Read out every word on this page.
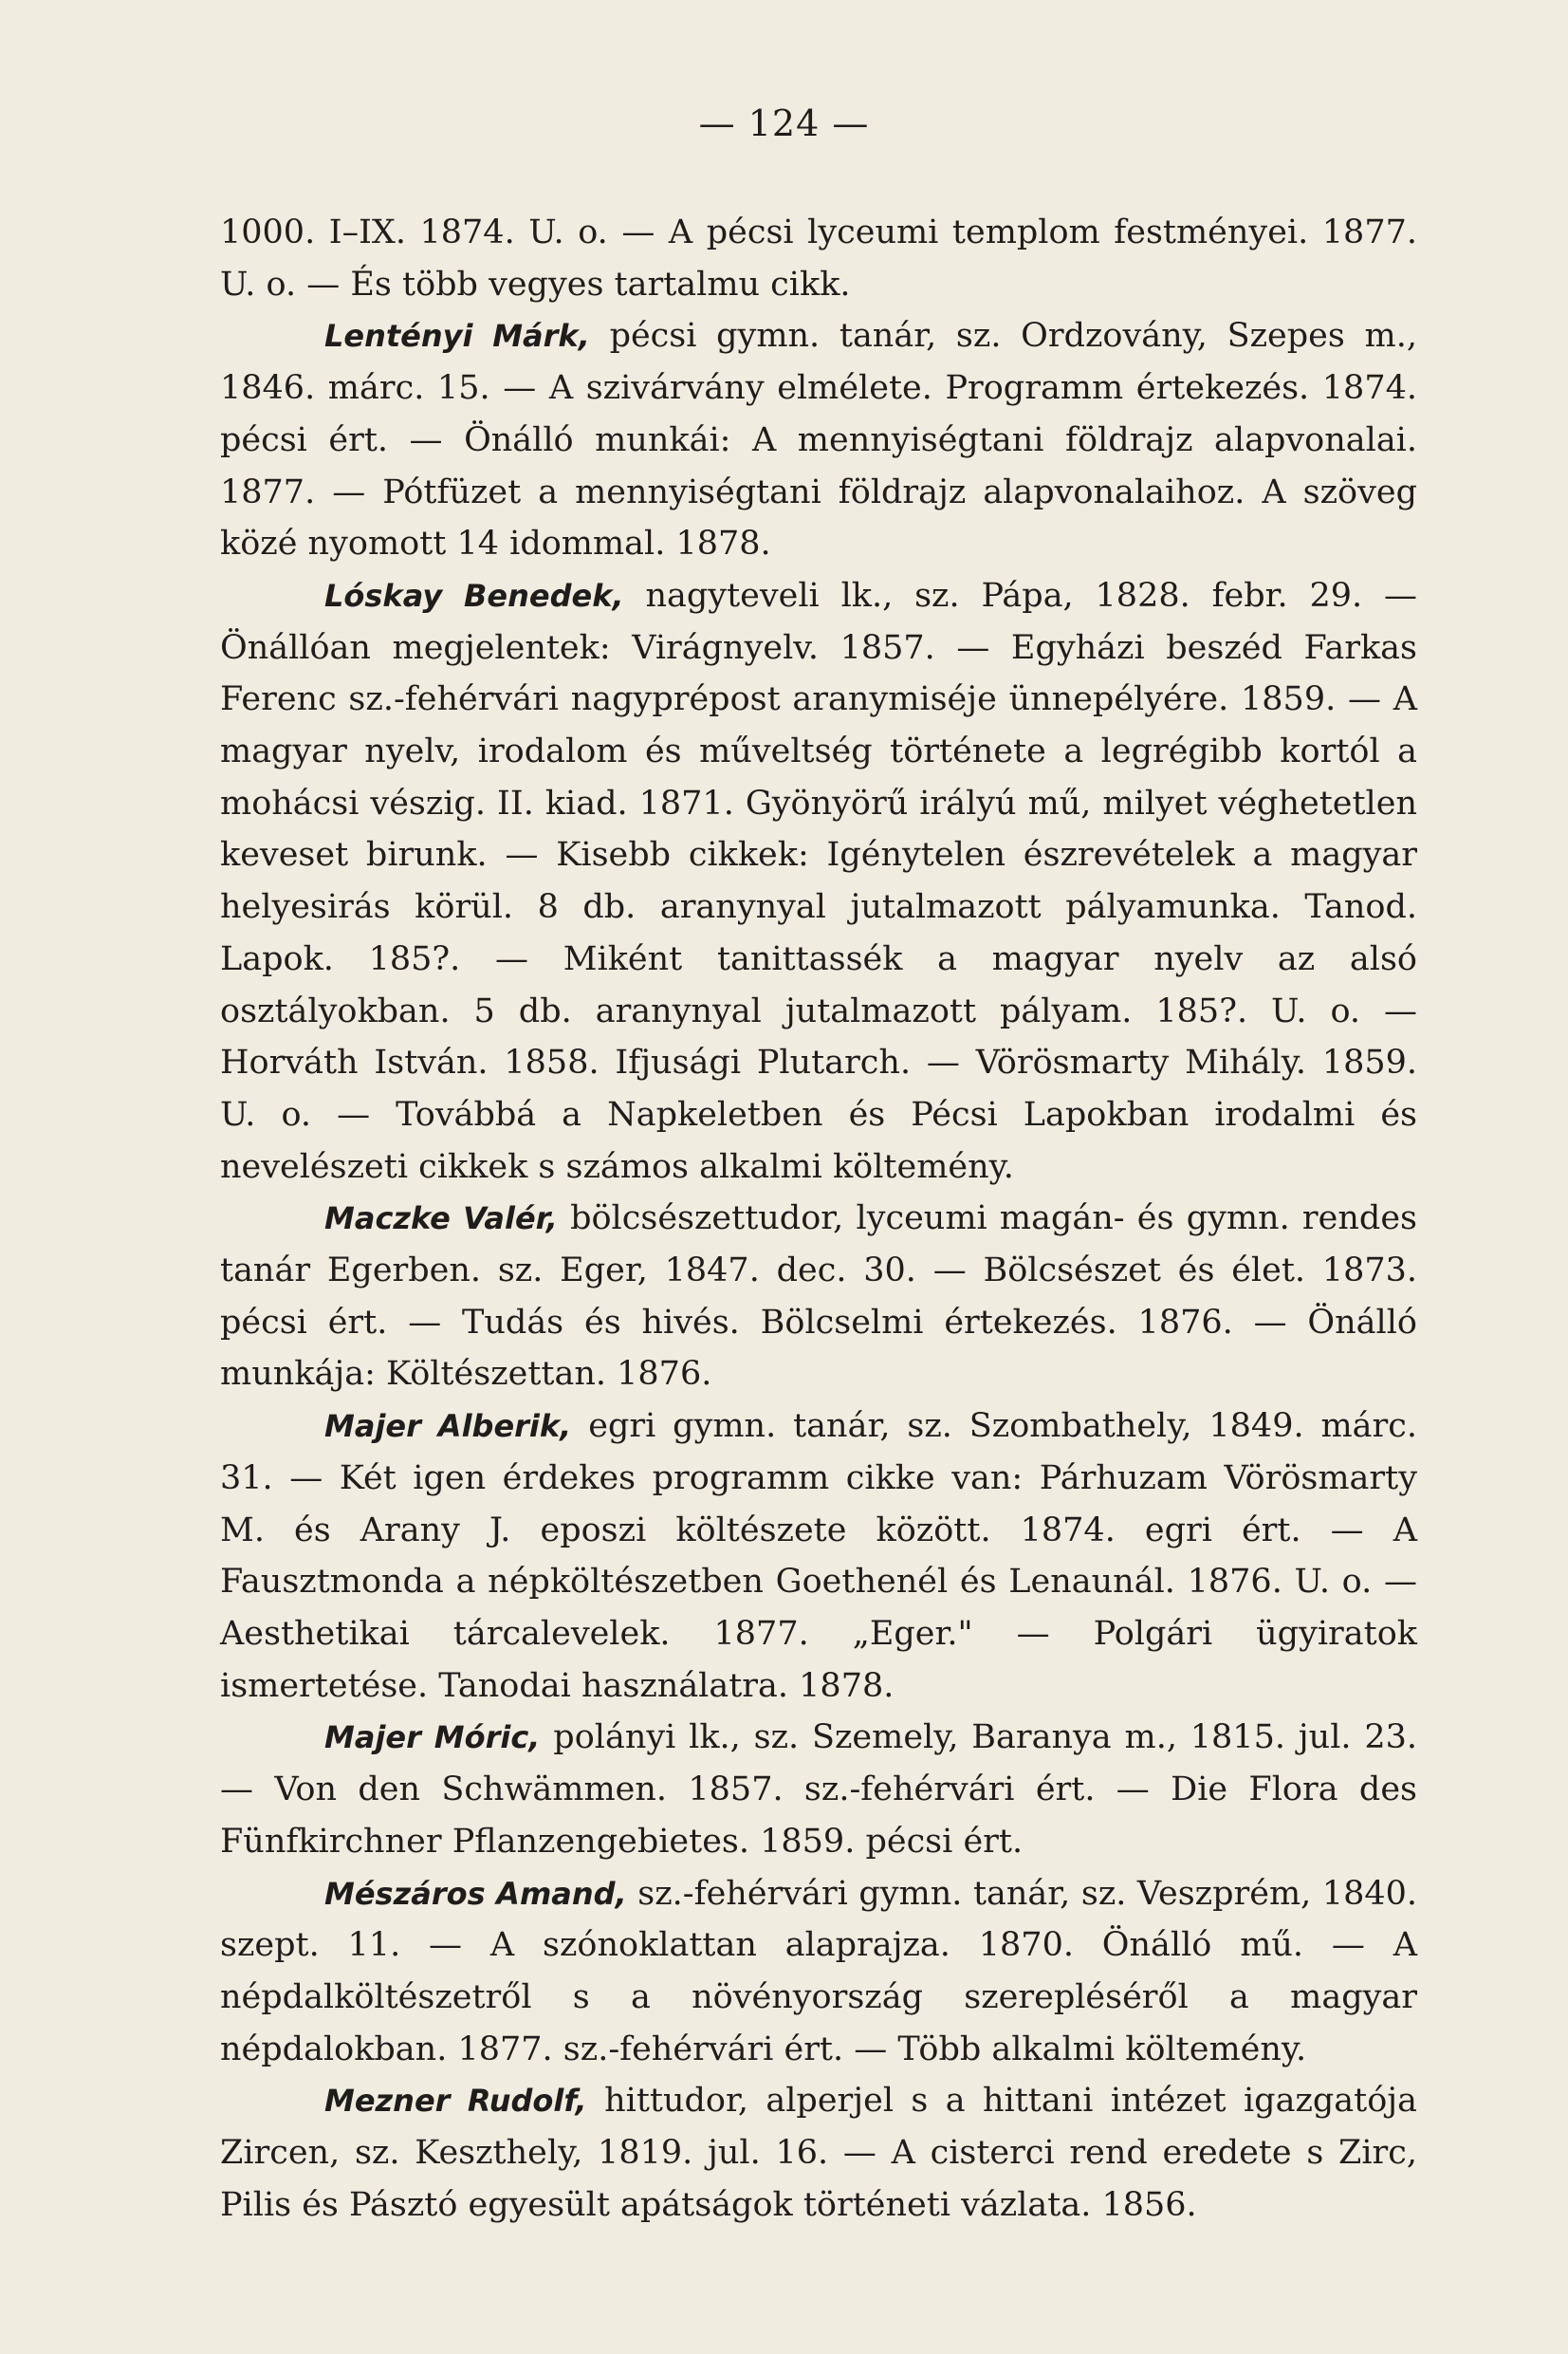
— 124 —

1000. I–IX. 1874. U. o. — A pécsi lyceumi templom festményei. 1877. U. o. — És több vegyes tartalmu cikk.

Lentényi Márk, pécsi gymn. tanár, sz. Ordzovány, Szepes m., 1846. márc. 15. — A szivárvány elmélete. Programm értekezés. 1874. pécsi ért. — Önálló munkái: A mennyiségtani földrajz alapvonalai. 1877. — Pótfüzet a mennyiségtani földrajz alapvonalaihoz. A szöveg közé nyomott 14 idommal. 1878.

Lóskay Benedek, nagyteveli lk., sz. Pápa, 1828. febr. 29. — Önállóan megjelentek: Virágnyelv. 1857. — Egyházi beszéd Farkas Ferenc sz.-fehérvári nagyprépost aranymiséje ünnepélyére. 1859. — A magyar nyelv, irodalom és műveltség története a legrégibb kortól a mohácsi vészig. II. kiad. 1871. Gyönyörű irályú mű, milyet véghetetlen keveset birunk. — Kisebb cikkek: Igénytelen észrevételek a magyar helyesirás körül. 8 db. aranynyal jutalmazott pályamunka. Tanod. Lapok. 185?. — Miként tanittassék a magyar nyelv az alsó osztályokban. 5 db. aranynyal jutalmazott pályam. 185?. U. o. — Horváth István. 1858. Ifjusági Plutarch. — Vörösmarty Mihály. 1859. U. o. — Továbbá a Napkeletben és Pécsi Lapokban irodalmi és nevelészeti cikkek s számos alkalmi költemény.

Maczke Valér, bölcsészettudor, lyceumi magán- és gymn. rendes tanár Egerben. sz. Eger, 1847. dec. 30. — Bölcsészet és élet. 1873. pécsi ért. — Tudás és hivés. Bölcselmi értekezés. 1876. — Önálló munkája: Költészettan. 1876.

Majer Alberik, egri gymn. tanár, sz. Szombathely, 1849. márc. 31. — Két igen érdekes programm cikke van: Párhuzam Vörösmarty M. és Arany J. eposzi költészete között. 1874. egri ért. — A Fausztmonda a népköltészetben Goethenél és Lenaunál. 1876. U. o. — Aesthetikai tárcalevelek. 1877. „Eger." — Polgári ügyiratok ismertetése. Tanodai használatra. 1878.

Majer Móric, polányi lk., sz. Szemely, Baranya m., 1815. jul. 23. — Von den Schwämmen. 1857. sz.-fehérvári ért. — Die Flora des Fünfkirchner Pflanzengebietes. 1859. pécsi ért.

Mészáros Amand, sz.-fehérvári gymn. tanár, sz. Veszprém, 1840. szept. 11. — A szónoklattan alaprajza. 1870. Önálló mű. — A népdalköltészetről s a növényország szerepléséről a magyar népdalokban. 1877. sz.-fehérvári ért. — Több alkalmi költemény.

Mezner Rudolf, hittudor, alperjel s a hittani intézet igazgatója Zircen, sz. Keszthely, 1819. jul. 16. — A cisterci rend eredete s Zirc, Pilis és Pásztó egyesült apátságok történeti vázlata. 1856.
